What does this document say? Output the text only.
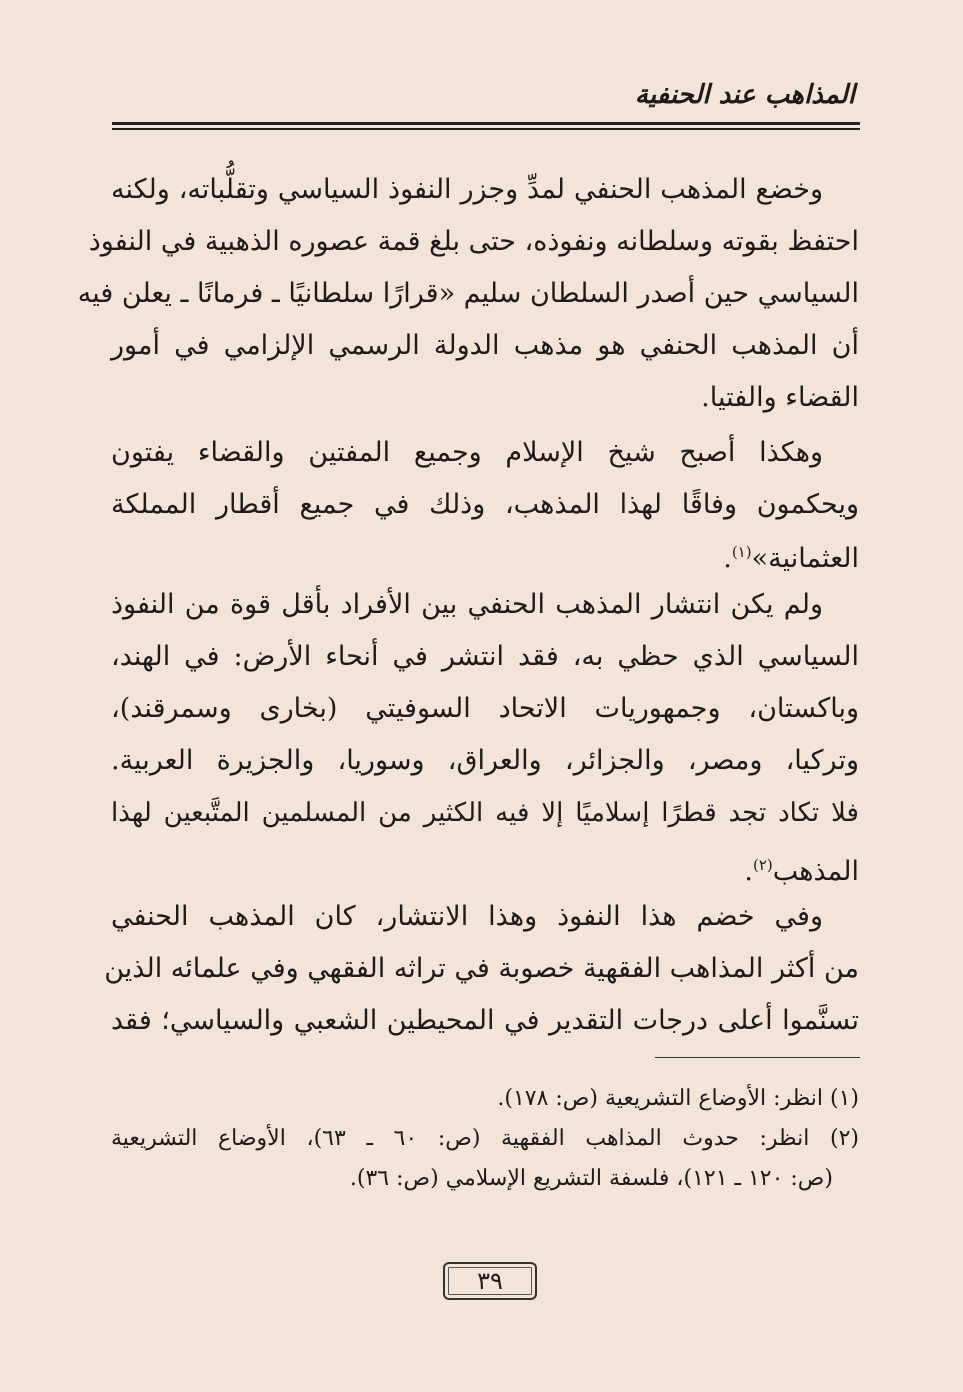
المذاهب عند الحنفية
وخضع المذهب الحنفي لمدِّ وجزر النفوذ السياسي وتقلُّباته، ولكنه
احتفظ بقوته وسلطانه ونفوذه، حتى بلغ قمة عصوره الذهبية في النفوذ
السياسي حين أصدر السلطان سليم «قرارًا سلطانيًا ـ فرمانًا ـ يعلن فيه
أن المذهب الحنفي هو مذهب الدولة الرسمي الإلزامي في أمور
القضاء والفتيا.
وهكذا أصبح شيخ الإسلام وجميع المفتين والقضاء يفتون
ويحكمون وفاقًا لهذا المذهب، وذلك في جميع أقطار المملكة
العثمانية»$^{(١)}$.
ولم يكن انتشار المذهب الحنفي بين الأفراد بأقل قوة من النفوذ
السياسي الذي حظي به، فقد انتشر في أنحاء الأرض: في الهند،
وباكستان، وجمهوريات الاتحاد السوفيتي (بخارى وسمرقند)،
وتركيا، ومصر، والجزائر، والعراق، وسوريا، والجزيرة العربية.
فلا تكاد تجد قطرًا إسلاميًا إلا فيه الكثير من المسلمين المتَّبعين لهذا
المذهب$^{(٢)}$.
وفي خضم هذا النفوذ وهذا الانتشار، كان المذهب الحنفي
من أكثر المذاهب الفقهية خصوبة في تراثه الفقهي وفي علمائه الذين
تسنَّموا أعلى درجات التقدير في المحيطين الشعبي والسياسي؛ فقد
(١) انظر: الأوضاع التشريعية (ص: ١٧٨).
(٢) انظر: حدوث المذاهب الفقهية (ص: ٦٠ ـ ٦٣)، الأوضاع التشريعية
(ص: ١٢٠ ـ ١٢١)، فلسفة التشريع الإسلامي (ص: ٣٦).
٣٩
